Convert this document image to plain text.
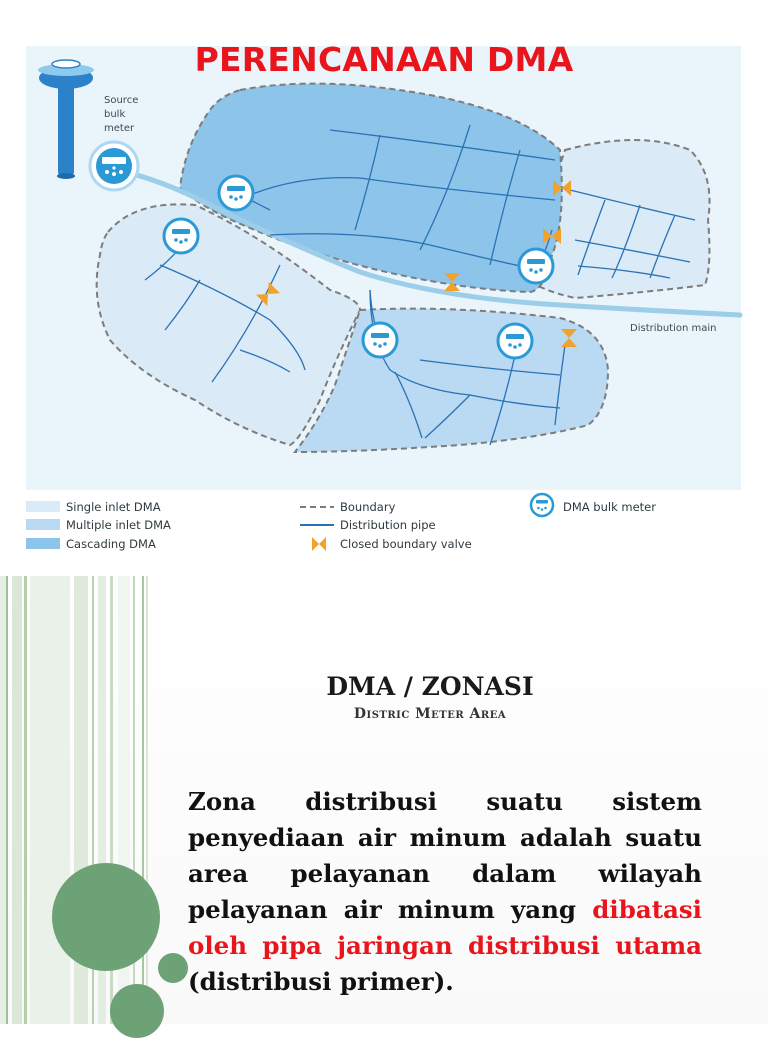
PERENCANAAN DMA
Source
bulk
meter
Distribution main
Single inlet DMA
Multiple inlet DMA
Cascading DMA
Boundary
Distribution pipe
Closed boundary valve
DMA bulk meter
DMA / ZONASI
Distric Meter Area
Zona distribusi suatu sistem penyediaan air minum adalah suatu area pelayanan dalam wilayah pelayanan air minum yang dibatasi oleh pipa jaringan distribusi utama (distribusi primer).
